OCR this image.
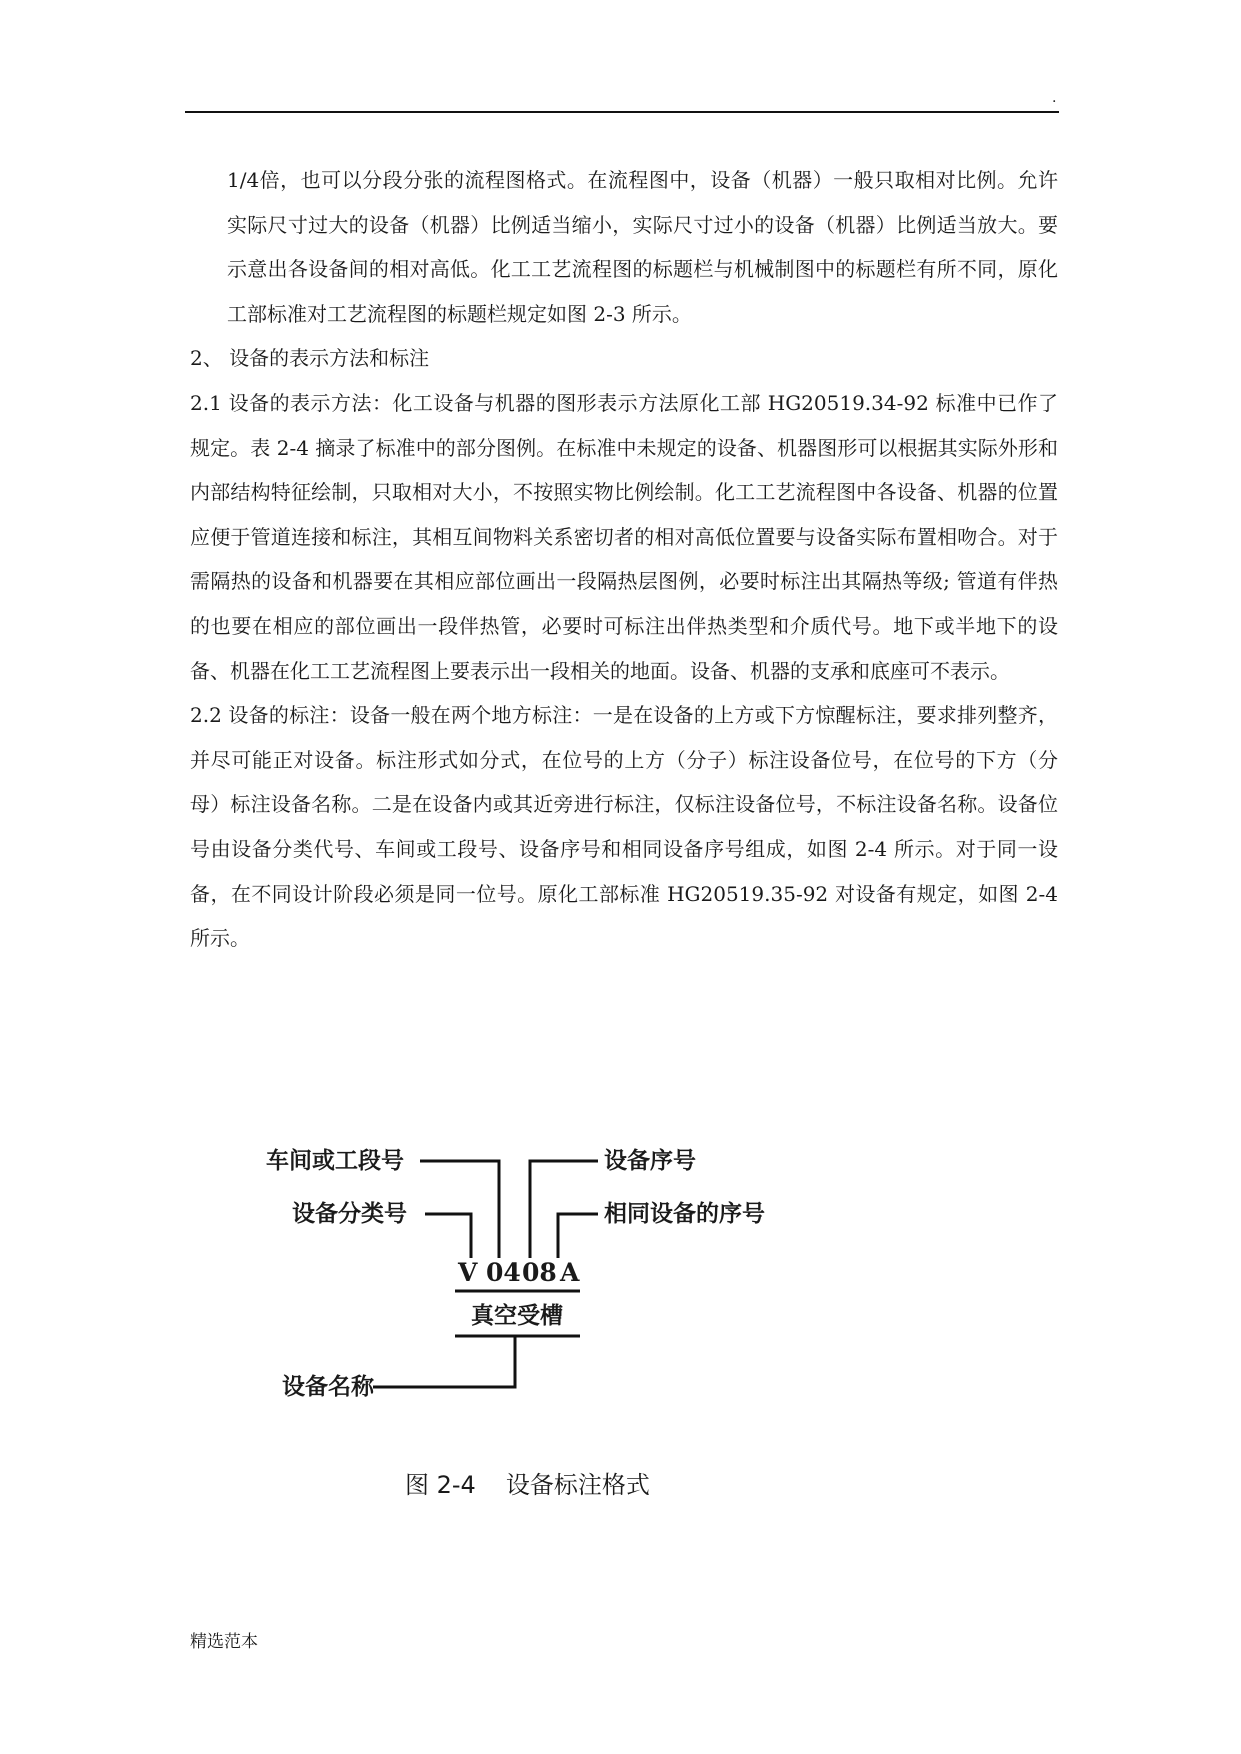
.

1/4倍，也可以分段分张的流程图格式。在流程图中，设备（机器）一般只取相对比例。允许实际尺寸过大的设备（机器）比例适当缩小，实际尺寸过小的设备（机器）比例适当放大。要示意出各设备间的相对高低。化工工艺流程图的标题栏与机械制图中的标题栏有所不同，原化工部标准对工艺流程图的标题栏规定如图 2-3 所示。

2、 设备的表示方法和标注

2.1 设备的表示方法：化工设备与机器的图形表示方法原化工部 HG20519.34-92 标准中已作了规定。表 2-4 摘录了标准中的部分图例。在标准中未规定的设备、机器图形可以根据其实际外形和内部结构特征绘制，只取相对大小，不按照实物比例绘制。化工工艺流程图中各设备、机器的位置应便于管道连接和标注，其相互间物料关系密切者的相对高低位置要与设备实际布置相吻合。对于需隔热的设备和机器要在其相应部位画出一段隔热层图例，必要时标注出其隔热等级; 管道有伴热的也要在相应的部位画出一段伴热管，必要时可标注出伴热类型和介质代号。地下或半地下的设备、机器在化工工艺流程图上要表示出一段相关的地面。设备、机器的支承和底座可不表示。

2.2 设备的标注：设备一般在两个地方标注：一是在设备的上方或下方惊醒标注，要求排列整齐，并尽可能正对设备。标注形式如分式，在位号的上方（分子）标注设备位号，在位号的下方（分母）标注设备名称。二是在设备内或其近旁进行标注，仅标注设备位号，不标注设备名称。设备位号由设备分类代号、车间或工段号、设备序号和相同设备序号组成，如图 2-4 所示。对于同一设备，在不同设计阶段必须是同一位号。原化工部标准 HG20519.35-92 对设备有规定，如图 2-4 所示。

车间或工段号
设备分类号
设备序号
相同设备的序号
设备名称
V 04 08 A
真空受槽
图 2-4 设备标注格式
精选范本
